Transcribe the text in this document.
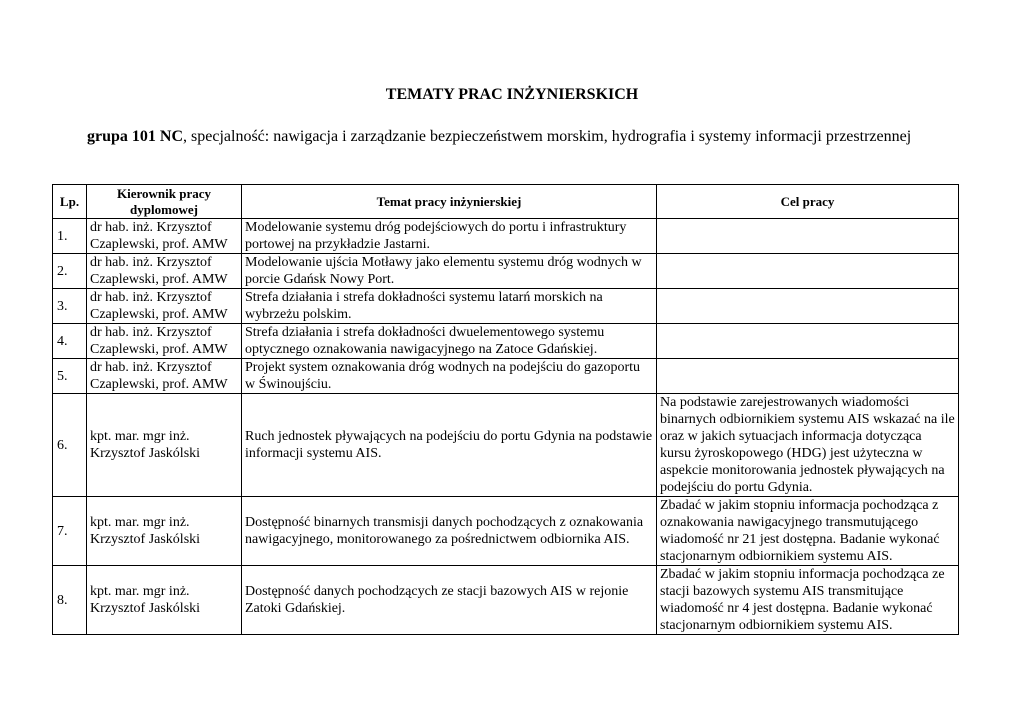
TEMATY PRAC INŻYNIERSKICH
grupa 101 NC, specjalność: nawigacja i zarządzanie bezpieczeństwem morskim, hydrografia i systemy informacji przestrzennej
Lp.	Kierownik pracy dyplomowej	Temat pracy inżynierskiej	Cel pracy
1.	dr hab. inż. Krzysztof Czaplewski, prof. AMW	Modelowanie systemu dróg podejściowych do portu i infrastruktury portowej na przykładzie Jastarni.	
2.	dr hab. inż. Krzysztof Czaplewski, prof. AMW	Modelowanie ujścia Motławy jako elementu systemu dróg wodnych w porcie Gdańsk Nowy Port.	
3.	dr hab. inż. Krzysztof Czaplewski, prof. AMW	Strefa działania i strefa dokładności systemu latarń morskich na wybrzeżu polskim.	
4.	dr hab. inż. Krzysztof Czaplewski, prof. AMW	Strefa działania i strefa dokładności dwuelementowego systemu optycznego oznakowania nawigacyjnego na Zatoce Gdańskiej.	
5.	dr hab. inż. Krzysztof Czaplewski, prof. AMW	Projekt system oznakowania dróg wodnych na podejściu do gazoportu w Świnoujściu.	
6.	kpt. mar. mgr inż. Krzysztof Jaskólski	Ruch jednostek pływających na podejściu do portu Gdynia na podstawie informacji systemu AIS.	Na podstawie zarejestrowanych wiadomości binarnych odbiornikiem systemu AIS wskazać na ile oraz w jakich sytuacjach informacja dotycząca kursu żyroskopowego (HDG) jest użyteczna w aspekcie monitorowania jednostek pływających na podejściu do portu Gdynia.
7.	kpt. mar. mgr inż. Krzysztof Jaskólski	Dostępność binarnych transmisji danych pochodzących z oznakowania nawigacyjnego, monitorowanego za pośrednictwem odbiornika AIS.	Zbadać w jakim stopniu informacja pochodząca z oznakowania nawigacyjnego transmutującego wiadomość nr 21 jest dostępna. Badanie wykonać stacjonarnym odbiornikiem systemu AIS.
8.	kpt. mar. mgr inż. Krzysztof Jaskólski	Dostępność danych pochodzących ze stacji bazowych AIS w rejonie Zatoki Gdańskiej.	Zbadać w jakim stopniu informacja pochodząca ze stacji bazowych systemu AIS transmitujące wiadomość nr 4 jest dostępna. Badanie wykonać stacjonarnym odbiornikiem systemu AIS.
